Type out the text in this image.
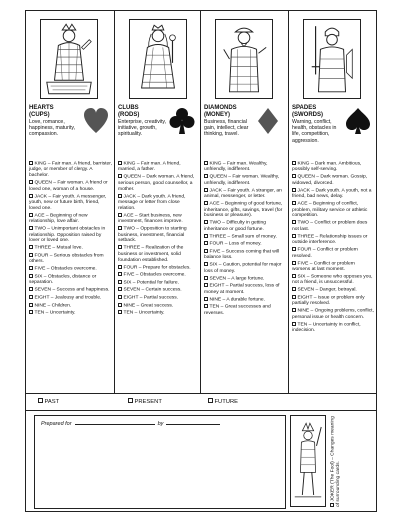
HEARTS
(CUPS)
Love, romance, happiness, maturity, compassion.
KING – Fair man. A friend, barrister, judge, or member of clergy. A bachelor.
QUEEN – Fair woman. A friend or loved one, woman of a house.
JACK – Fair youth. A messenger, youth, new or future birth, friend, loved one.
ACE – Beginning of new relationship, love affair.
TWO – Unimportant obstacles in relationship. Opposition raised by lover or loved one.
THREE – Mutual love.
FOUR – Serious obstacles from others.
FIVE – Obstacles overcome.
SIX – Obstacles, distance or separation.
SEVEN – Success and happiness.
EIGHT – Jealousy and trouble.
NINE – Children.
TEN – Uncertainty.
CLUBS
(RODS)
Enterprise, creativity, initiative, growth, spirituality.
KING – Fair man. A friend, married, a father.
QUEEN – Dark woman. A friend, serious person, good counsellor, a mother.
JACK – Dark youth. A friend, message or letter from close relation.
ACE – Start business, new investment, finances improve.
TWO – Opposition to starting business, investment, financial setback.
THREE – Realization of the business or investment, solid foundation established.
FOUR – Prepare for obstacles.
FIVE – Obstacles overcome.
SIX – Potential for failure.
SEVEN – Certain success.
EIGHT – Partial success.
NINE – Great success.
TEN – Uncertainty.
DIAMONDS
(MONEY)
Business, financial gain, intellect, clear thinking, travel.
KING – Fair man. Wealthy, unfriendly, indifferent.
QUEEN – Fair woman. Wealthy, unfriendly, indifferent.
JACK – Fair youth. A stranger, an animal, messenger, or letter.
ACE – Beginning of good fortune, inheritance, gifts, savings, travel (for business or pleasure).
TWO – Difficulty in getting inheritance or good fortune.
THREE – Small sum of money.
FOUR – Loss of money.
FIVE – Success coming that will balance loss.
SIX – Caution, potential for major loss of money.
SEVEN – A large fortune.
EIGHT – Partial success, loss of money at moment.
NINE – A durable fortune.
TEN – Great successes and reverses.
SPADES
(SWORDS)
Warning, conflict, health, obstacles in life, competition, aggression.
KING – Dark man. Ambitious, possibly self-serving.
QUEEN – Dark woman. Gossip, widowed, divorced.
JACK – Dark youth. A youth, not a friend, bad news, delay.
ACE – Beginning of conflict, problem, military service or athletic competition.
TWO – Conflict or problem does not last.
THREE – Relationship issues or outside interference.
FOUR – Conflict or problem resolved.
FIVE – Conflict or problem worsens at last moment.
SIX – Someone who opposes you, not a friend, is unsuccessful.
SEVEN – Danger, betrayal.
EIGHT – Issue or problem only partially resolved.
NINE – Ongoing problems, conflict, personal issue or health concern.
TEN – Uncertainty in conflict, indecision.
PAST	PRESENT	FUTURE
Prepared for	by	JOKER (The Fool) – Changes meaning of surrounding cards.
